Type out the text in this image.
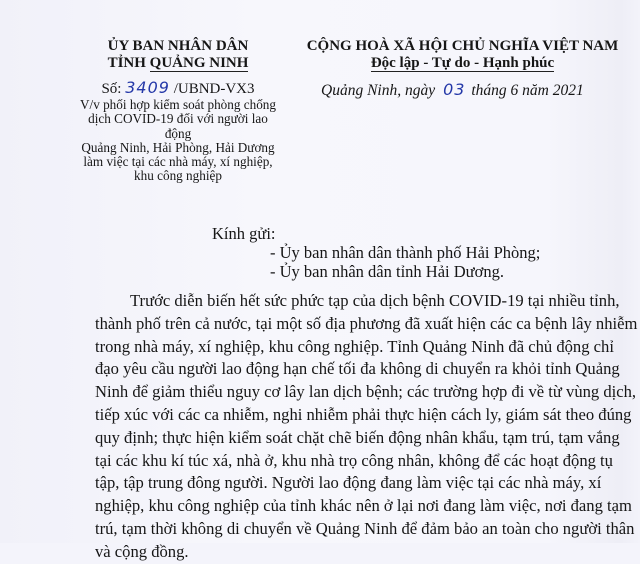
ỦY BAN NHÂN DÂN
TỈNH QUẢNG NINH
Số: 3409 /UBND-VX3
V/v phối hợp kiểm soát phòng chống
dịch COVID-19 đối với người lao động
Quảng Ninh, Hải Phòng, Hải Dương
làm việc tại các nhà máy, xí nghiệp,
khu công nghiệp
CỘNG HOÀ XÃ HỘI CHỦ NGHĨA VIỆT NAM
Độc lập - Tự do - Hạnh phúc
Quảng Ninh, ngày 03 tháng 6 năm 2021
Kính gửi:
- Ủy ban nhân dân thành phố Hải Phòng;
- Ủy ban nhân dân tỉnh Hải Dương.
Trước diễn biến hết sức phức tạp của dịch bệnh COVID-19 tại nhiều tỉnh,
thành phố trên cả nước, tại một số địa phương đã xuất hiện các ca bệnh lây nhiễm
trong nhà máy, xí nghiệp, khu công nghiệp. Tỉnh Quảng Ninh đã chủ động chỉ
đạo yêu cầu người lao động hạn chế tối đa không di chuyển ra khỏi tỉnh Quảng
Ninh để giảm thiểu nguy cơ lây lan dịch bệnh; các trường hợp đi về từ vùng dịch,
tiếp xúc với các ca nhiễm, nghi nhiễm phải thực hiện cách ly, giám sát theo đúng
quy định; thực hiện kiểm soát chặt chẽ biến động nhân khẩu, tạm trú, tạm vắng
tại các khu kí túc xá, nhà ở, khu nhà trọ công nhân, không để các hoạt động tụ
tập, tập trung đông người. Người lao động đang làm việc tại các nhà máy, xí
nghiệp, khu công nghiệp của tỉnh khác nên ở lại nơi đang làm việc, nơi đang tạm
trú, tạm thời không di chuyển về Quảng Ninh để đảm bảo an toàn cho người thân
và cộng đồng.
